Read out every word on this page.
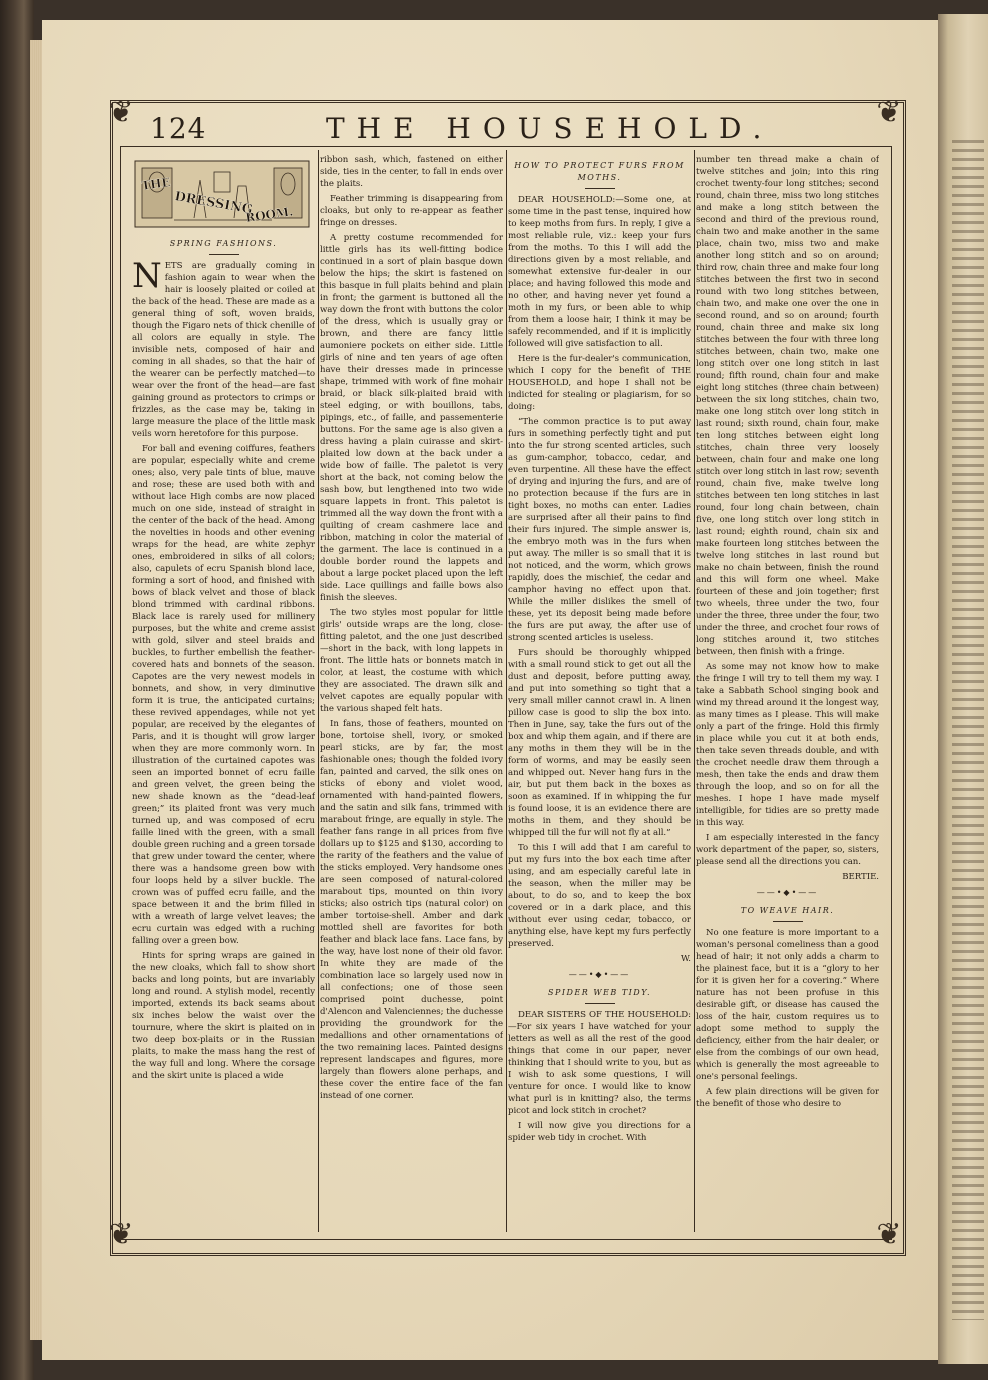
❦	❦
❦	❦
124	THE HOUSEHOLD.
THE
DRESSING
ROOM.
SPRING FASHIONS.

NETS are gradually coming in fashion again to wear when the hair is loosely plaited or coiled at the back of the head. These are made as a general thing of soft, woven braids, though the Figaro nets of thick chenille of all colors are equally in style. The invisible nets, composed of hair and coming in all shades, so that the hair of the wearer can be perfectly matched—to wear over the front of the head—are fast gaining ground as protectors to crimps or frizzles, as the case may be, taking in large measure the place of the little mask veils worn heretofore for this purpose.

For ball and evening coiffures, feathers are popular, especially white and creme ones; also, very pale tints of blue, mauve and rose; these are used both with and without lace High combs are now placed much on one side, instead of straight in the center of the back of the head. Among the novelties in hoods and other evening wraps for the head, are white zephyr ones, embroidered in silks of all colors; also, capulets of ecru Spanish blond lace, forming a sort of hood, and finished with bows of black velvet and those of black blond trimmed with cardinal ribbons. Black lace is rarely used for millinery purposes, but the white and creme assist with gold, silver and steel braids and buckles, to further embellish the feather-covered hats and bonnets of the season. Capotes are the very newest models in bonnets, and show, in very diminutive form it is true, the anticipated curtains; these revived appendages, while not yet popular, are received by the elegantes of Paris, and it is thought will grow larger when they are more commonly worn. In illustration of the curtained capotes was seen an imported bonnet of ecru faille and green velvet, the green being the new shade known as the “dead-leaf green;” its plaited front was very much turned up, and was composed of ecru faille lined with the green, with a small double green ruching and a green torsade that grew under toward the center, where there was a handsome green bow with four loops held by a silver buckle. The crown was of puffed ecru faille, and the space between it and the brim filled in with a wreath of large velvet leaves; the ecru curtain was edged with a ruching falling over a green bow.

Hints for spring wraps are gained in the new cloaks, which fall to show short backs and long points, but are invariably long and round. A stylish model, recently imported, extends its back seams about six inches below the waist over the tournure, where the skirt is plaited on in two deep box-plaits or in the Russian plaits, to make the mass hang the rest of the way full and long. Where the corsage and the skirt unite is placed a wide

ribbon sash, which, fastened on either side, ties in the center, to fall in ends over the plaits.

Feather trimming is disappearing from cloaks, but only to re-appear as feather fringe on dresses.

A pretty costume recommended for little girls has its well-fitting bodice continued in a sort of plain basque down below the hips; the skirt is fastened on this basque in full plaits behind and plain in front; the garment is buttoned all the way down the front with buttons the color of the dress, which is usually gray or brown, and there are fancy little aumoniere pockets on either side. Little girls of nine and ten years of age often have their dresses made in princesse shape, trimmed with work of fine mohair braid, or black silk-plaited braid with steel edging, or with bouillons, tabs, pipings, etc., of faille, and passementerie buttons. For the same age is also given a dress having a plain cuirasse and skirt-plaited low down at the back under a wide bow of faille. The paletot is very short at the back, not coming below the sash bow, but lengthened into two wide square lappets in front. This paletot is trimmed all the way down the front with a quilting of cream cashmere lace and ribbon, matching in color the material of the garment. The lace is continued in a double border round the lappets and about a large pocket placed upon the left side. Lace quillings and faille bows also finish the sleeves.

The two styles most popular for little girls' outside wraps are the long, close-fitting paletot, and the one just described—short in the back, with long lappets in front. The little hats or bonnets match in color, at least, the costume with which they are associated. The drawn silk and velvet capotes are equally popular with the various shaped felt hats.

In fans, those of feathers, mounted on bone, tortoise shell, ivory, or smoked pearl sticks, are by far, the most fashionable ones; though the folded ivory fan, painted and carved, the silk ones on sticks of ebony and violet wood, ornamented with hand-painted flowers, and the satin and silk fans, trimmed with marabout fringe, are equally in style. The feather fans range in all prices from five dollars up to $125 and $130, according to the rarity of the feathers and the value of the sticks employed. Very handsome ones are seen composed of natural-colored marabout tips, mounted on thin ivory sticks; also ostrich tips (natural color) on amber tortoise-shell. Amber and dark mottled shell are favorites for both feather and black lace fans. Lace fans, by the way, have lost none of their old favor. In white they are made of the combination lace so largely used now in all confections; one of those seen comprised point duchesse, point d'Alencon and Valenciennes; the duchesse providing the groundwork for the medallions and other ornamentations of the two remaining laces. Painted designs represent landscapes and figures, more largely than flowers alone perhaps, and these cover the entire face of the fan instead of one corner.

HOW TO PROTECT FURS FROM MOTHS.

DEAR HOUSEHOLD:—Some one, at some time in the past tense, inquired how to keep moths from furs. In reply, I give a most reliable rule, viz.: keep your furs from the moths. To this I will add the directions given by a most reliable, and somewhat extensive fur-dealer in our place; and having followed this mode and no other, and having never yet found a moth in my furs, or been able to whip from them a loose hair, I think it may be safely recommended, and if it is implicitly followed will give satisfaction to all.

Here is the fur-dealer's communication, which I copy for the benefit of THE HOUSEHOLD, and hope I shall not be indicted for stealing or plagiarism, for so doing:

“The common practice is to put away furs in something perfectly tight and put into the fur strong scented articles, such as gum-camphor, tobacco, cedar, and even turpentine. All these have the effect of drying and injuring the furs, and are of no protection because if the furs are in tight boxes, no moths can enter. Ladies are surprised after all their pains to find their furs injured. The simple answer is, the embryo moth was in the furs when put away. The miller is so small that it is not noticed, and the worm, which grows rapidly, does the mischief, the cedar and camphor having no effect upon that. While the miller dislikes the smell of these, yet its deposit being made before the furs are put away, the after use of strong scented articles is useless.

Furs should be thoroughly whipped with a small round stick to get out all the dust and deposit, before putting away, and put into something so tight that a very small miller cannot crawl in. A linen pillow case is good to slip the box into. Then in June, say, take the furs out of the box and whip them again, and if there are any moths in them they will be in the form of worms, and may be easily seen and whipped out. Never hang furs in the air, but put them back in the boxes as soon as examined. If in whipping the fur is found loose, it is an evidence there are moths in them, and they should be whipped till the fur will not fly at all.”

To this I will add that I am careful to put my furs into the box each time after using, and am especially careful late in the season, when the miller may be about, to do so, and to keep the box covered or in a dark place, and this without ever using cedar, tobacco, or anything else, have kept my furs perfectly preserved.

W.
——•◆•——
SPIDER WEB TIDY.

DEAR SISTERS OF THE HOUSEHOLD:—For six years I have watched for your letters as well as all the rest of the good things that come in our paper, never thinking that I should write to you, but as I wish to ask some questions, I will venture for once. I would like to know what purl is in knitting? also, the terms picot and lock stitch in crochet?

I will now give you directions for a spider web tidy in crochet. With

number ten thread make a chain of twelve stitches and join; into this ring crochet twenty-four long stitches; second round, chain three, miss two long stitches and make a long stitch between the second and third of the previous round, chain two and make another in the same place, chain two, miss two and make another long stitch and so on around; third row, chain three and make four long stitches between the first two in second round with two long stitches between, chain two, and make one over the one in second round, and so on around; fourth round, chain three and make six long stitches between the four with three long stitches between, chain two, make one long stitch over one long stitch in last round; fifth round, chain four and make eight long stitches (three chain between) between the six long stitches, chain two, make one long stitch over long stitch in last round; sixth round, chain four, make ten long stitches between eight long stitches, chain three very loosely between, chain four and make one long stitch over long stitch in last row; seventh round, chain five, make twelve long stitches between ten long stitches in last round, four long chain between, chain five, one long stitch over long stitch in last round; eighth round, chain six and make fourteen long stitches between the twelve long stitches in last round but make no chain between, finish the round and this will form one wheel. Make fourteen of these and join together; first two wheels, three under the two, four under the three, three under the four, two under the three, and crochet four rows of long stitches around it, two stitches between, then finish with a fringe.

As some may not know how to make the fringe I will try to tell them my way. I take a Sabbath School singing book and wind my thread around it the longest way, as many times as I please. This will make only a part of the fringe. Hold this firmly in place while you cut it at both ends, then take seven threads double, and with the crochet needle draw them through a mesh, then take the ends and draw them through the loop, and so on for all the meshes. I hope I have made myself intelligible, for tidies are so pretty made in this way.

I am especially interested in the fancy work department of the paper, so, sisters, please send all the directions you can.

BERTIE.
——•◆•——
TO WEAVE HAIR.

No one feature is more important to a woman's personal comeliness than a good head of hair; it not only adds a charm to the plainest face, but it is a “glory to her for it is given her for a covering.” Where nature has not been profuse in this desirable gift, or disease has caused the loss of the hair, custom requires us to adopt some method to supply the deficiency, either from the hair dealer, or else from the combings of our own head, which is generally the most agreeable to one's personal feelings.

A few plain directions will be given for the benefit of those who desire to
